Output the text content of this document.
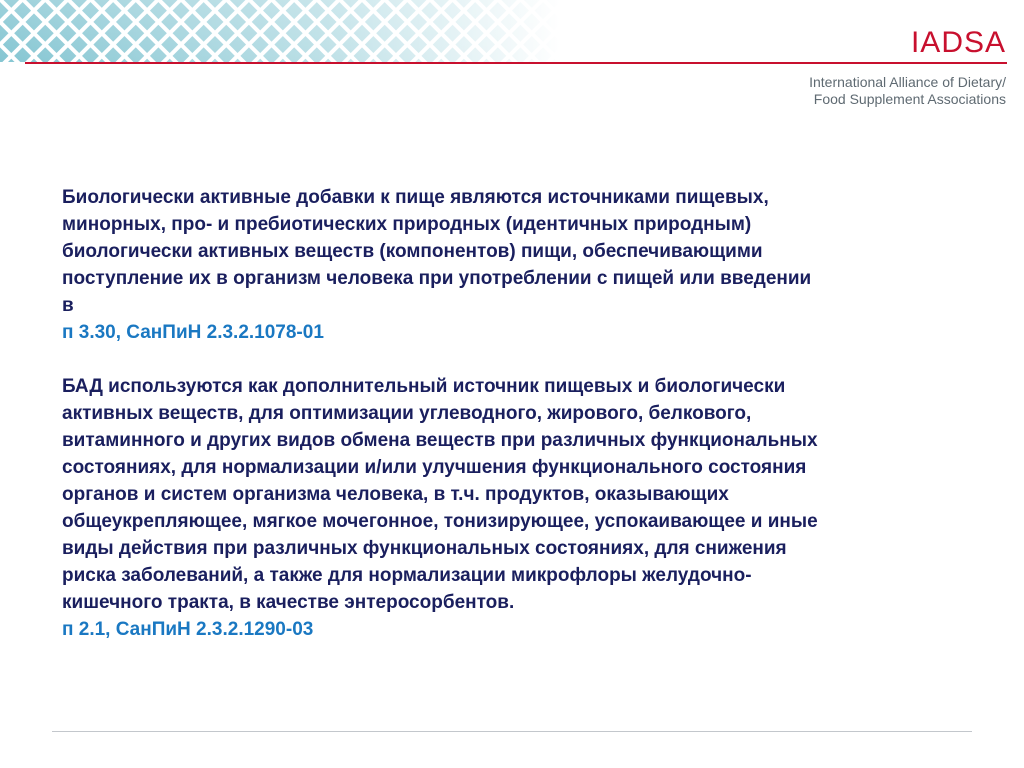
IADSA
International Alliance of Dietary/
Food Supplement Associations

Биологически активные добавки к пище являются источниками пищевых,
минорных, про- и пребиотических природных (идентичных природным)
биологически активных веществ (компонентов) пищи, обеспечивающими
поступление их в организм человека при употреблении с пищей или введении
в

п 3.30, СанПиН 2.3.2.1078-01

БАД используются как дополнительный источник пищевых и биологически
активных веществ, для оптимизации углеводного, жирового, белкового,
витаминного и других видов обмена веществ при различных функциональных
состояниях, для нормализации и/или улучшения функционального состояния
органов и систем организма человека, в т.ч. продуктов, оказывающих
общеукрепляющее, мягкое мочегонное, тонизирующее, успокаивающее и иные
виды действия при различных функциональных состояниях, для снижения
риска заболеваний, а также для нормализации микрофлоры желудочно-
кишечного тракта, в качестве энтеросорбентов.

п 2.1, СанПиН 2.3.2.1290-03
